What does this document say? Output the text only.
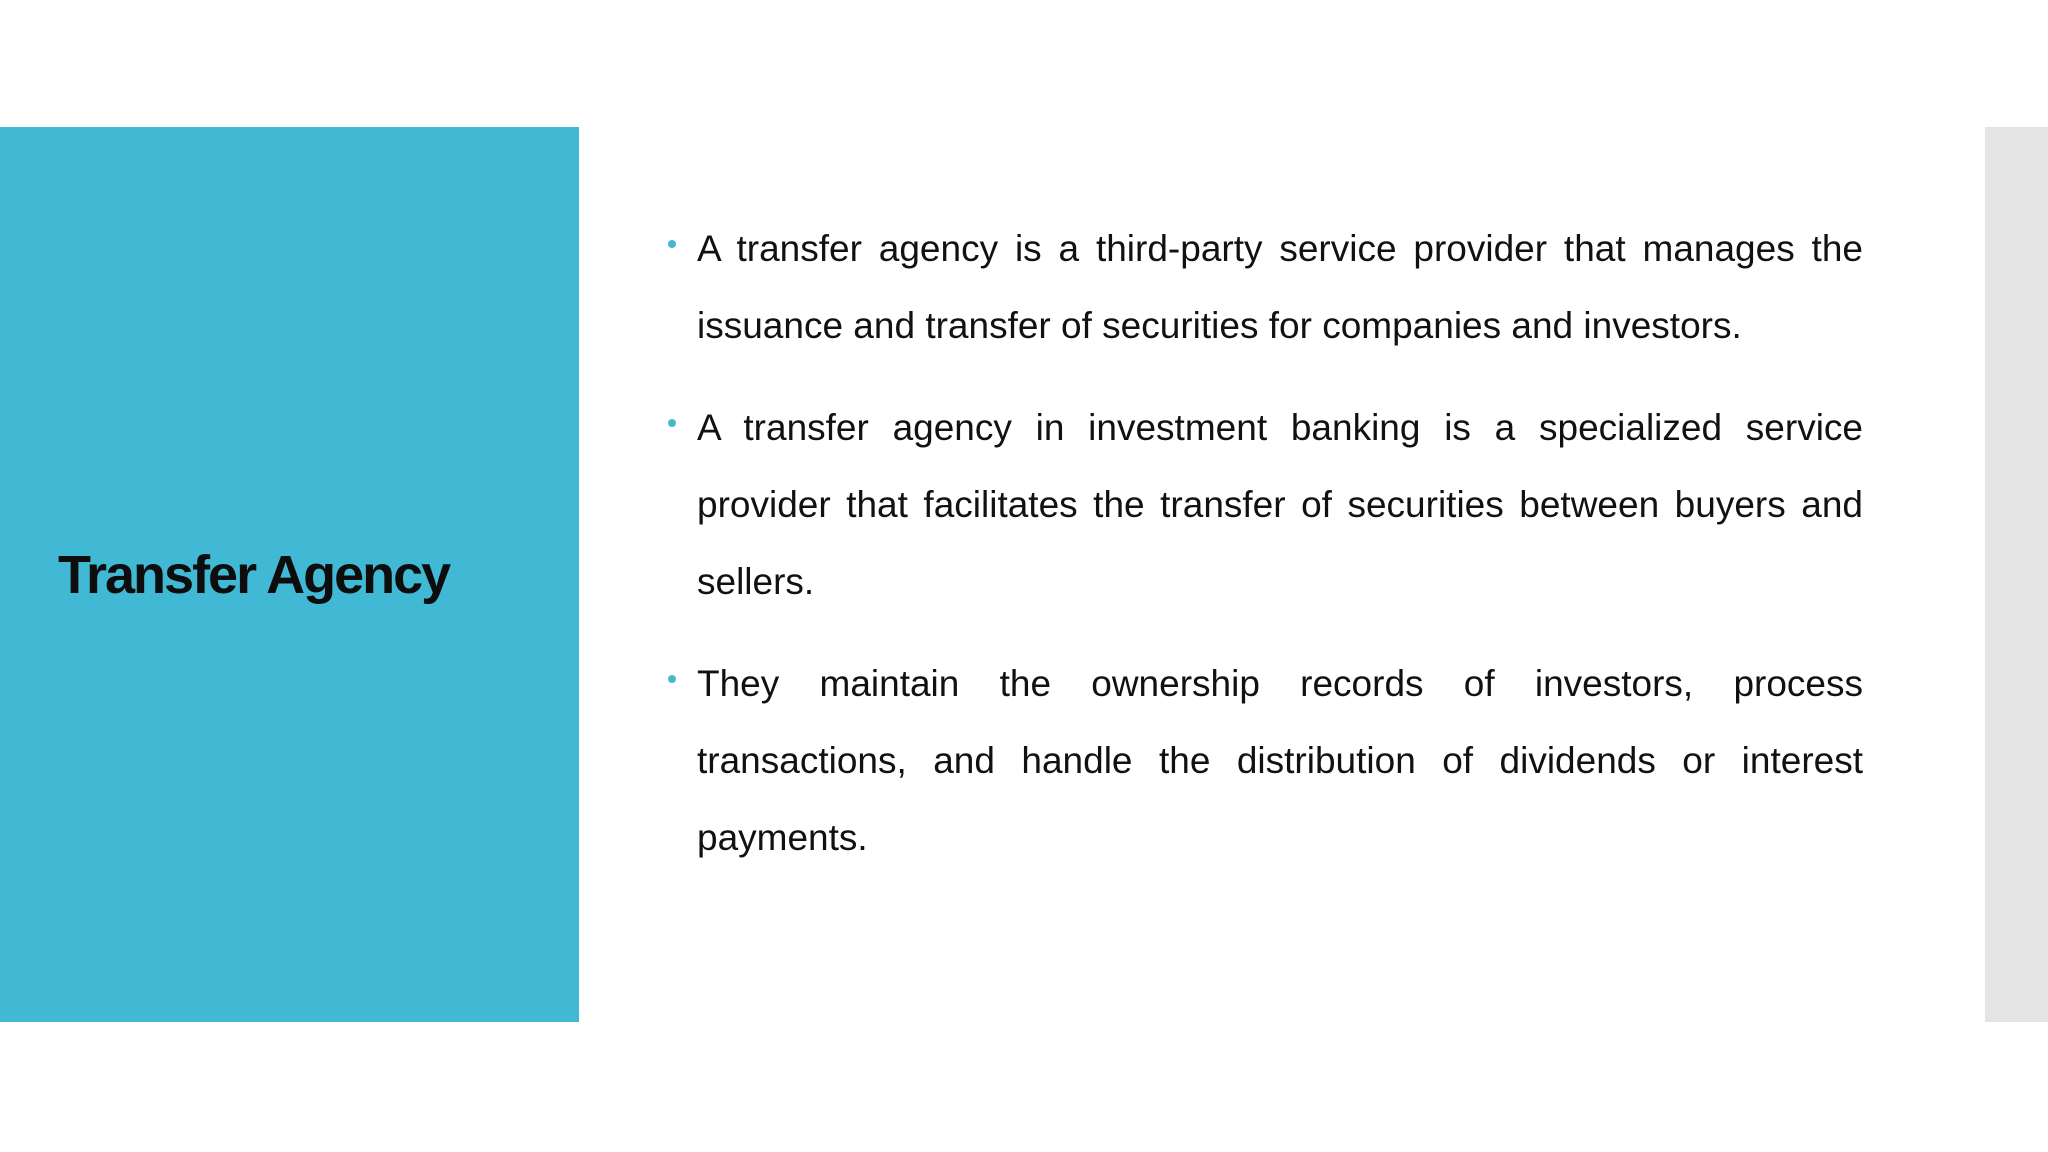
Transfer Agency
A transfer agency is a third-party service provider that manages the issuance and transfer of securities for companies and investors.
A transfer agency in investment banking is a specialized service provider that facilitates the transfer of securities between buyers and sellers.
They maintain the ownership records of investors, process transactions, and handle the distribution of dividends or interest payments.
